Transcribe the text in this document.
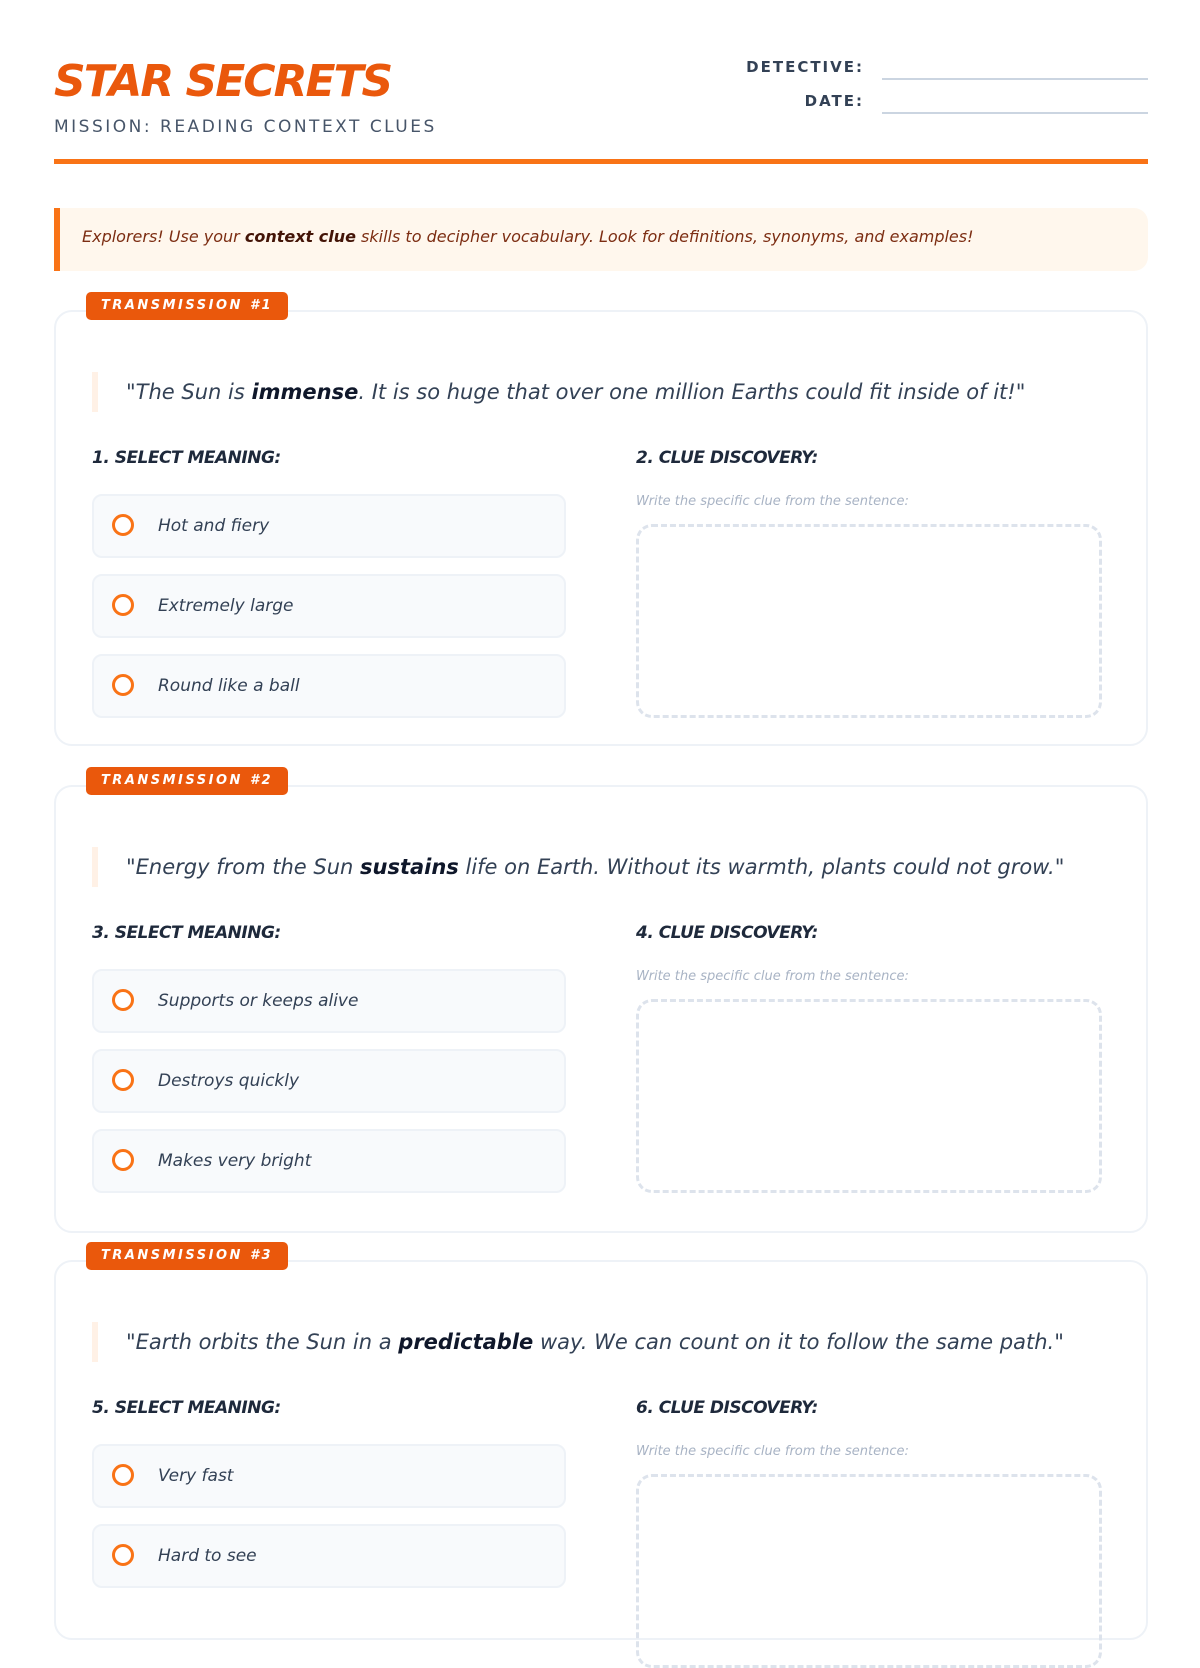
STAR SECRETS
MISSION: READING CONTEXT CLUES
DETECTIVE:
DATE:
Explorers! Use your context clue skills to decipher vocabulary. Look for definitions, synonyms, and examples!
TRANSMISSION #1
"The Sun is immense. It is so huge that over one million Earths could fit inside of it!"
1. SELECT MEANING:	2. CLUE DISCOVERY:
Hot and fiery
Extremely large
Round like a ball
Write the specific clue from the sentence:
TRANSMISSION #2
"Energy from the Sun sustains life on Earth. Without its warmth, plants could not grow."
3. SELECT MEANING:	4. CLUE DISCOVERY:
Supports or keeps alive
Destroys quickly
Makes very bright
Write the specific clue from the sentence:
TRANSMISSION #3
"Earth orbits the Sun in a predictable way. We can count on it to follow the same path."
5. SELECT MEANING:	6. CLUE DISCOVERY:
Very fast
Hard to see
Write the specific clue from the sentence:
